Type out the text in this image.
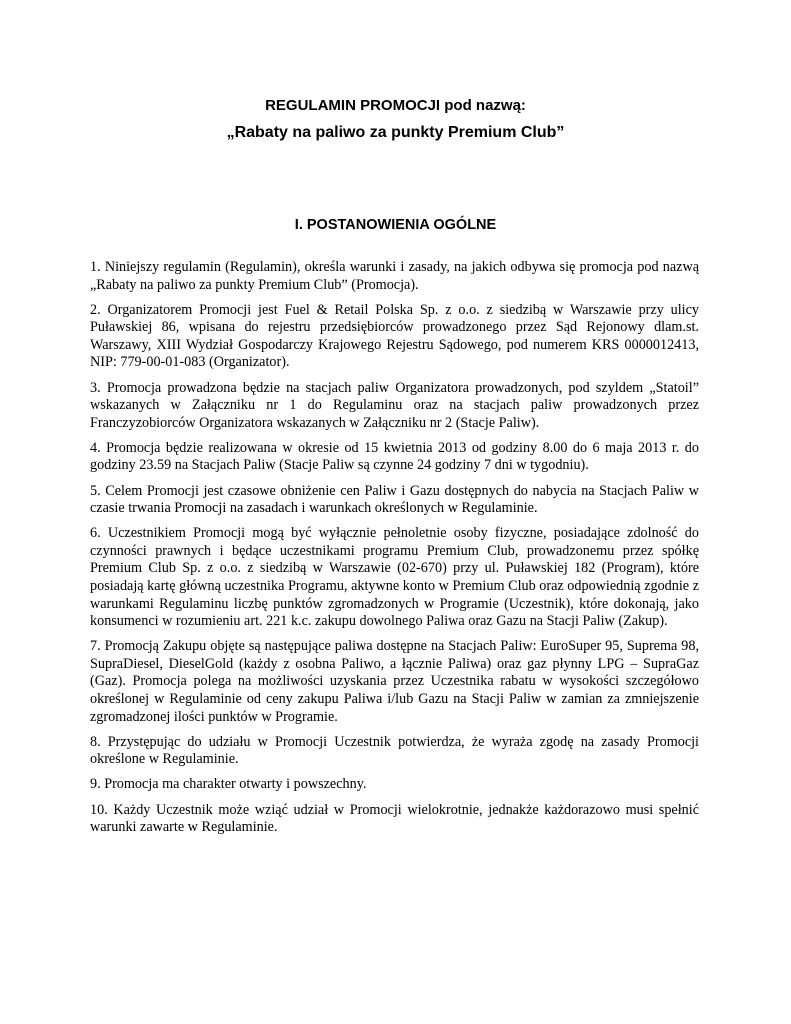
REGULAMIN PROMOCJI pod nazwą:
„Rabaty na paliwo za punkty Premium Club”
I. POSTANOWIENIA OGÓLNE

1. Niniejszy regulamin (Regulamin), określa warunki i zasady, na jakich odbywa się promocja pod nazwą „Rabaty na paliwo za punkty Premium Club” (Promocja).

2. Organizatorem Promocji jest Fuel & Retail Polska Sp. z o.o. z siedzibą w Warszawie przy ulicy Puławskiej 86, wpisana do rejestru przedsiębiorców prowadzonego przez Sąd Rejonowy dlam.st. Warszawy, XIII Wydział Gospodarczy Krajowego Rejestru Sądowego, pod numerem KRS 0000012413, NIP: 779-00-01-083 (Organizator).

3. Promocja prowadzona będzie na stacjach paliw Organizatora prowadzonych, pod szyldem „Statoil” wskazanych w Załączniku nr 1 do Regulaminu oraz na stacjach paliw prowadzonych przez Franczyzobiorców Organizatora wskazanych w Załączniku nr 2 (Stacje Paliw).

4. Promocja będzie realizowana w okresie od 15 kwietnia 2013 od godziny 8.00 do 6 maja 2013 r. do godziny 23.59 na Stacjach Paliw (Stacje Paliw są czynne 24 godziny 7 dni w tygodniu).

5. Celem Promocji jest czasowe obniżenie cen Paliw i Gazu dostępnych do nabycia na Stacjach Paliw w czasie trwania Promocji na zasadach i warunkach określonych w Regulaminie.

6. Uczestnikiem Promocji mogą być wyłącznie pełnoletnie osoby fizyczne, posiadające zdolność do czynności prawnych i będące uczestnikami programu Premium Club, prowadzonemu przez spółkę Premium Club Sp. z o.o. z siedzibą w Warszawie (02-670) przy ul. Puławskiej 182 (Program), które posiadają kartę główną uczestnika Programu, aktywne konto w Premium Club oraz odpowiednią zgodnie z warunkami Regulaminu liczbę punktów zgromadzonych w Programie (Uczestnik), które dokonają, jako konsumenci w rozumieniu art. 221 k.c. zakupu dowolnego Paliwa oraz Gazu na Stacji Paliw (Zakup).

7. Promocją Zakupu objęte są następujące paliwa dostępne na Stacjach Paliw: EuroSuper 95, Suprema 98, SupraDiesel, DieselGold (każdy z osobna Paliwo, a łącznie Paliwa) oraz gaz płynny LPG – SupraGaz (Gaz). Promocja polega na możliwości uzyskania przez Uczestnika rabatu w wysokości szczegółowo określonej w Regulaminie od ceny zakupu Paliwa i/lub Gazu na Stacji Paliw w zamian za zmniejszenie zgromadzonej ilości punktów w Programie.

8. Przystępując do udziału w Promocji Uczestnik potwierdza, że wyraża zgodę na zasady Promocji określone w Regulaminie.

9. Promocja ma charakter otwarty i powszechny.

10. Każdy Uczestnik może wziąć udział w Promocji wielokrotnie, jednakże każdorazowo musi spełnić warunki zawarte w Regulaminie.
